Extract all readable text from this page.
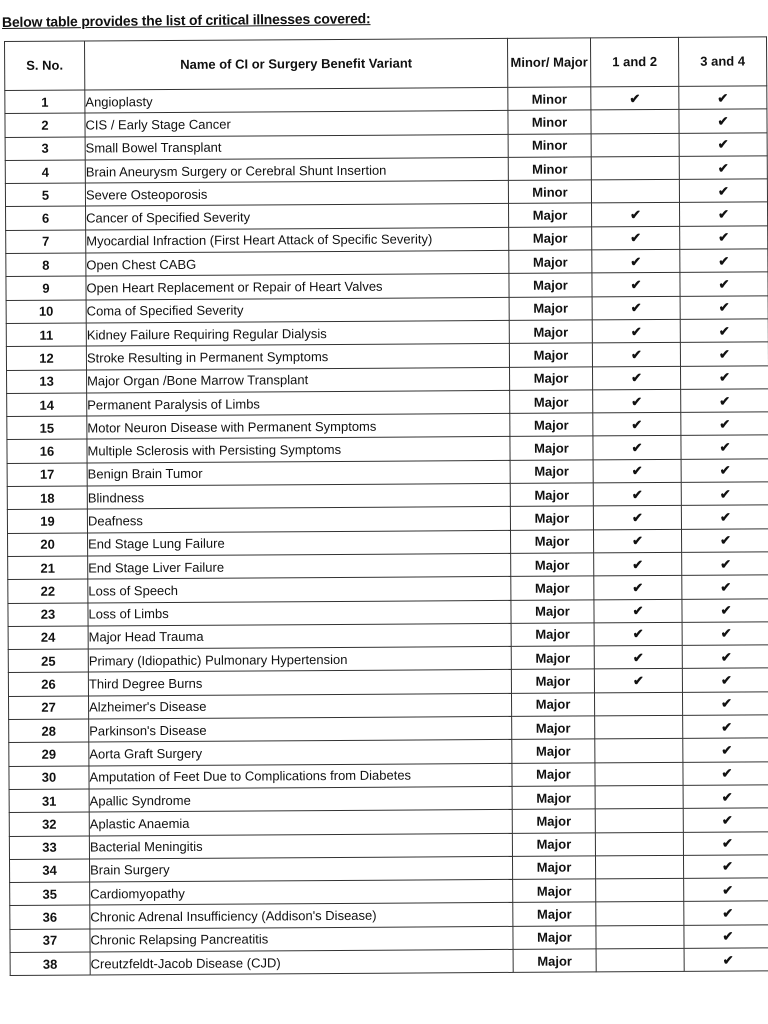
Below table provides the list of critical illnesses covered:
S. No.	Name of CI or Surgery Benefit Variant	Minor/ Major	1 and 2	3 and 4
1	Angioplasty	Minor	✔	✔
2	CIS / Early Stage Cancer	Minor		✔
3	Small Bowel Transplant	Minor		✔
4	Brain Aneurysm Surgery or Cerebral Shunt Insertion	Minor		✔
5	Severe Osteoporosis	Minor		✔
6	Cancer of Specified Severity	Major	✔	✔
7	Myocardial Infraction (First Heart Attack of Specific Severity)	Major	✔	✔
8	Open Chest CABG	Major	✔	✔
9	Open Heart Replacement or Repair of Heart Valves	Major	✔	✔
10	Coma of Specified Severity	Major	✔	✔
11	Kidney Failure Requiring Regular Dialysis	Major	✔	✔
12	Stroke Resulting in Permanent Symptoms	Major	✔	✔
13	Major Organ /Bone Marrow Transplant	Major	✔	✔
14	Permanent Paralysis of Limbs	Major	✔	✔
15	Motor Neuron Disease with Permanent Symptoms	Major	✔	✔
16	Multiple Sclerosis with Persisting Symptoms	Major	✔	✔
17	Benign Brain Tumor	Major	✔	✔
18	Blindness	Major	✔	✔
19	Deafness	Major	✔	✔
20	End Stage Lung Failure	Major	✔	✔
21	End Stage Liver Failure	Major	✔	✔
22	Loss of Speech	Major	✔	✔
23	Loss of Limbs	Major	✔	✔
24	Major Head Trauma	Major	✔	✔
25	Primary (Idiopathic) Pulmonary Hypertension	Major	✔	✔
26	Third Degree Burns	Major	✔	✔
27	Alzheimer's Disease	Major		✔
28	Parkinson's Disease	Major		✔
29	Aorta Graft Surgery	Major		✔
30	Amputation of Feet Due to Complications from Diabetes	Major		✔
31	Apallic Syndrome	Major		✔
32	Aplastic Anaemia	Major		✔
33	Bacterial Meningitis	Major		✔
34	Brain Surgery	Major		✔
35	Cardiomyopathy	Major		✔
36	Chronic Adrenal Insufficiency (Addison's Disease)	Major		✔
37	Chronic Relapsing Pancreatitis	Major		✔
38	Creutzfeldt-Jacob Disease (CJD)	Major		✔
